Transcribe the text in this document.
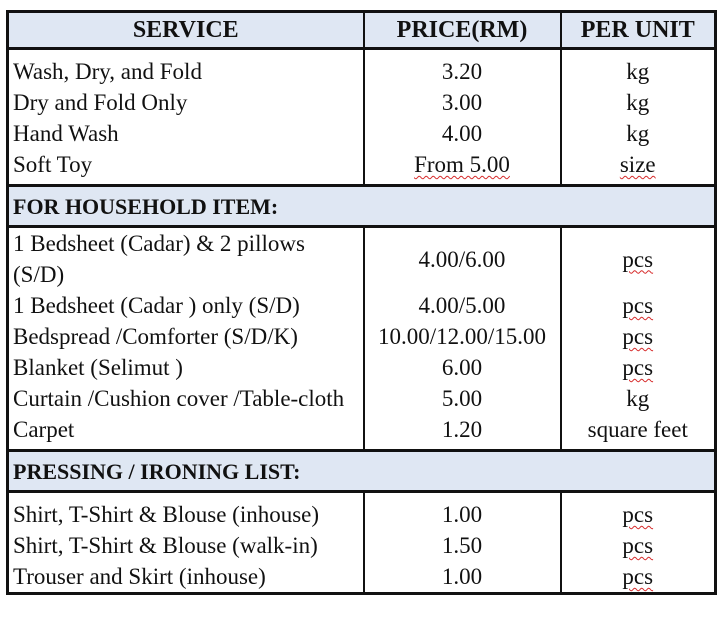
SERVICE	PRICE(RM)	PER UNIT

Wash, Dry, and Fold	3.20	kg
Dry and Fold Only	3.00	kg
Hand Wash	4.00	kg
Soft Toy	From 5.00	size
FOR HOUSEHOLD ITEM:		
1 Bedsheet (Cadar) & 2 pillows (S/D)	4.00/6.00	pcs
1 Bedsheet (Cadar ) only (S/D)	4.00/5.00	pcs
Bedspread /Comforter (S/D/K)	10.00/12.00/15.00	pcs
Blanket (Selimut )	6.00	pcs
Curtain /Cushion cover /Table-cloth	5.00	kg
Carpet	1.20	square feet
PRESSING / IRONING LIST:		

Shirt, T-Shirt & Blouse (inhouse)	1.00	pcs
Shirt, T-Shirt & Blouse (walk-in)	1.50	pcs
Trouser and Skirt (inhouse)	1.00	pcs
